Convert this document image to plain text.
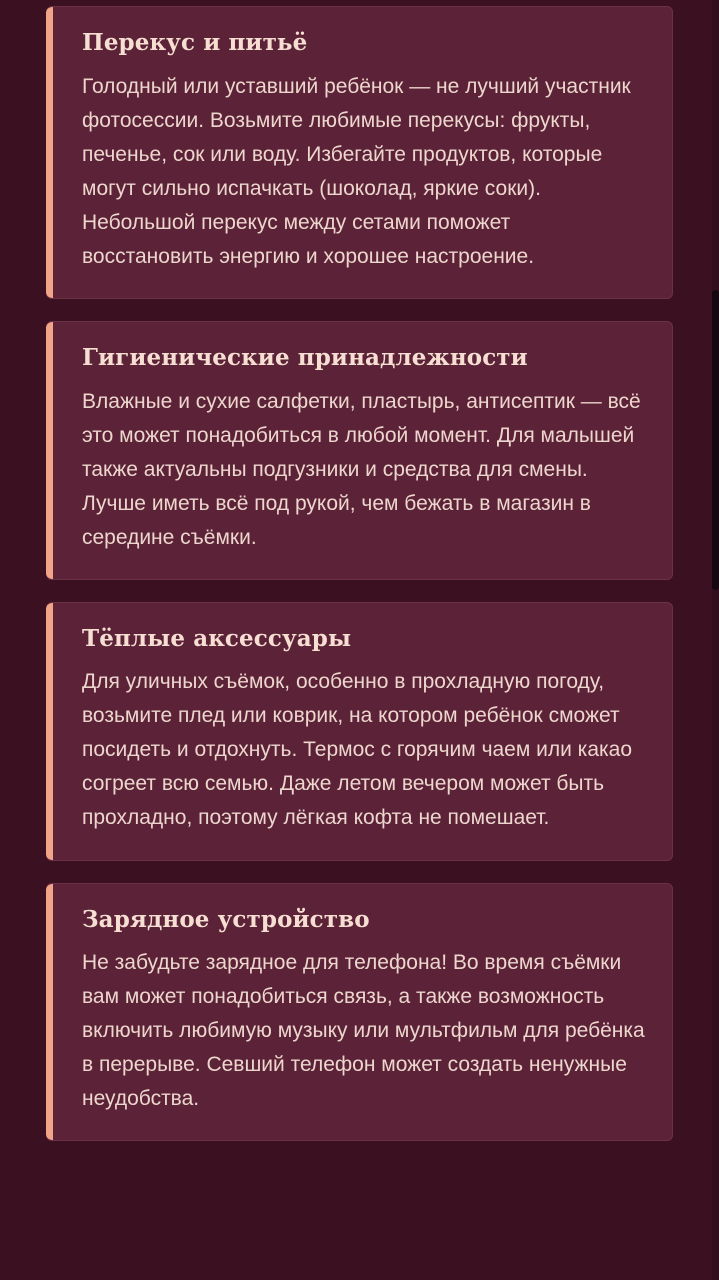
Перекус и питьё

Голодный или уставший ребёнок — не лучший участник фотосессии. Возьмите любимые перекусы: фрукты, печенье, сок или воду. Избегайте продуктов, которые могут сильно испачкать (шоколад, яркие соки). Небольшой перекус между сетами поможет восстановить энергию и хорошее настроение.

Гигиенические принадлежности

Влажные и сухие салфетки, пластырь, антисептик — всё это может понадобиться в любой момент. Для малышей также актуальны подгузники и средства для смены. Лучше иметь всё под рукой, чем бежать в магазин в середине съёмки.

Тёплые аксессуары

Для уличных съёмок, особенно в прохладную погоду, возьмите плед или коврик, на котором ребёнок сможет посидеть и отдохнуть. Термос с горячим чаем или какао согреет всю семью. Даже летом вечером может быть прохладно, поэтому лёгкая кофта не помешает.

Зарядное устройство

Не забудьте зарядное для телефона! Во время съёмки вам может понадобиться связь, а также возможность включить любимую музыку или мультфильм для ребёнка в перерыве. Севший телефон может создать ненужные неудобства.
